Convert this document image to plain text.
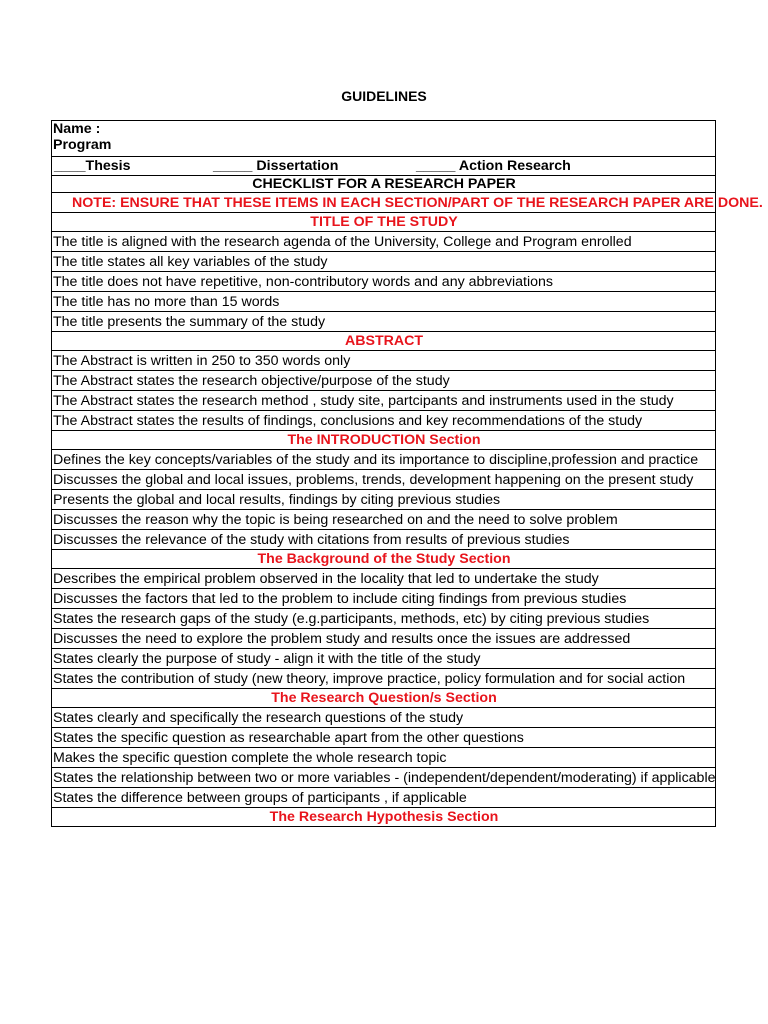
GUIDELINES
Name :
Program

____Thesis	_____ Dissertation	_____ Action Research

CHECKLIST FOR A RESEARCH PAPER
NOTE: ENSURE THAT THESE ITEMS IN EACH SECTION/PART OF THE RESEARCH PAPER ARE DONE.
TITLE OF THE STUDY
The title is aligned with the research agenda of the University, College and Program enrolled
The title states all key variables of the study
The title does not have repetitive, non-contributory words and any abbreviations
The title has no more than 15 words
The title presents the summary of the study
ABSTRACT
The Abstract is written in 250 to 350 words only
The Abstract states the research objective/purpose of the study
The Abstract states the research method , study site, partcipants and instruments used in the study
The Abstract states the results of findings, conclusions and key recommendations of the study
The INTRODUCTION Section
Defines the key concepts/variables of the study and its importance to discipline,profession and practice
Discusses the global and local issues, problems, trends, development happening on the present study
Presents the global and local results, findings by citing previous studies
Discusses the reason why the topic is being researched on and the need to solve problem
Discusses the relevance of the study with citations from results of previous studies
The Background of the Study Section
Describes the empirical problem observed in the locality that led to undertake the study
Discusses the factors that led to the problem to include citing findings from previous studies
States the research gaps of the study (e.g.participants, methods, etc) by citing previous studies
Discusses the need to explore the problem study and results once the issues are addressed
States clearly the purpose of study - align it with the title of the study
States the contribution of study (new theory, improve practice, policy formulation and for social action
The Research Question/s Section
States clearly and specifically the research questions of the study
States the specific question as researchable apart from the other questions
Makes the specific question complete the whole research topic
States the relationship between two or more variables - (independent/dependent/moderating) if applicable
States the difference between groups of participants , if applicable
The Research Hypothesis Section
